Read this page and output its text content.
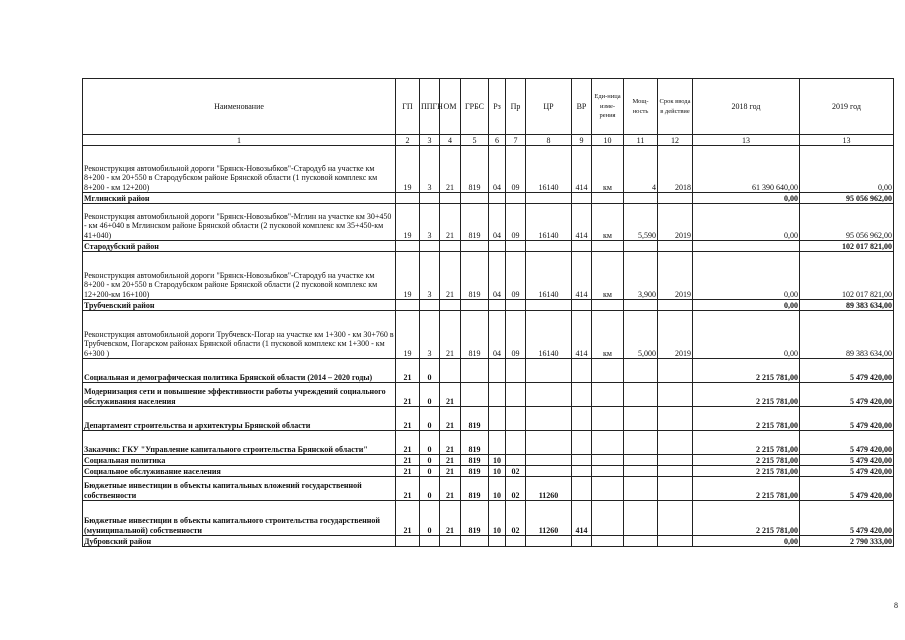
Наименование	ГП	ППГН	ОМ	ГРБС	Рз	Пр	ЦР	ВР	Еди-ница изме-рения	Мощ-ность	Срок ввода в действие	2018 год	2019 год
1	2	3	4	5	6	7	8	9	10	11	12	13	13
Реконструкция автомобильной дороги "Брянск-Новозыбков"-Стародуб на участке км 8+200 - км 20+550 в Стародубском районе Брянской области (1 пусковой комплекс км 8+200 - км 12+200)	19	3	21	819	04	09	16140	414	км	4	2018	61 390 640,00	0,00
Мглинский район												0,00	95 056 962,00
Реконструкция автомобильной дороги "Брянск-Новозыбков"-Мглин на участке км 30+450 - км 46+040 в Мглинском районе Брянской области (2 пусковой комплекс км 35+450-км 41+040)	19	3	21	819	04	09	16140	414	км	5,590	2019	0,00	95 056 962,00
Стародубский район													102 017 821,00
Реконструкция автомобильной дороги "Брянск-Новозыбков"-Стародуб на участке км 8+200 - км 20+550 в Стародубском районе Брянской области (2 пусковой комплекс км 12+200-км 16+100)	19	3	21	819	04	09	16140	414	км	3,900	2019	0,00	102 017 821,00
Трубчевский район												0,00	89 383 634,00
Реконструкция автомобильной дороги Трубчевск-Погар на участке км 1+300 - км 30+760 в Трубчевском, Погарском районах Брянской области (1 пусковой комплекс км 1+300 - км 6+300 )	19	3	21	819	04	09	16140	414	км	5,000	2019	0,00	89 383 634,00
Социальная и демографическая политика Брянской области (2014 – 2020 годы)	21	0										2 215 781,00	5 479 420,00
Модернизация сети и повышение эффективности работы учреждений социального обслуживания населения	21	0	21									2 215 781,00	5 479 420,00
Департамент строительства и архитектуры Брянской области	21	0	21	819								2 215 781,00	5 479 420,00
Заказчик: ГКУ "Управление капитального строительства Брянской области"	21	0	21	819								2 215 781,00	5 479 420,00
Социальная политика	21	0	21	819	10							2 215 781,00	5 479 420,00
Социальное обслуживание населения	21	0	21	819	10	02						2 215 781,00	5 479 420,00
Бюджетные инвестиции в объекты капитальных вложений государственной собственности	21	0	21	819	10	02	11260					2 215 781,00	5 479 420,00
Бюджетные инвестиции в объекты капитального строительства государственной (муниципальной) собственности	21	0	21	819	10	02	11260	414				2 215 781,00	5 479 420,00
Дубровский район												0,00	2 790 333,00
8
